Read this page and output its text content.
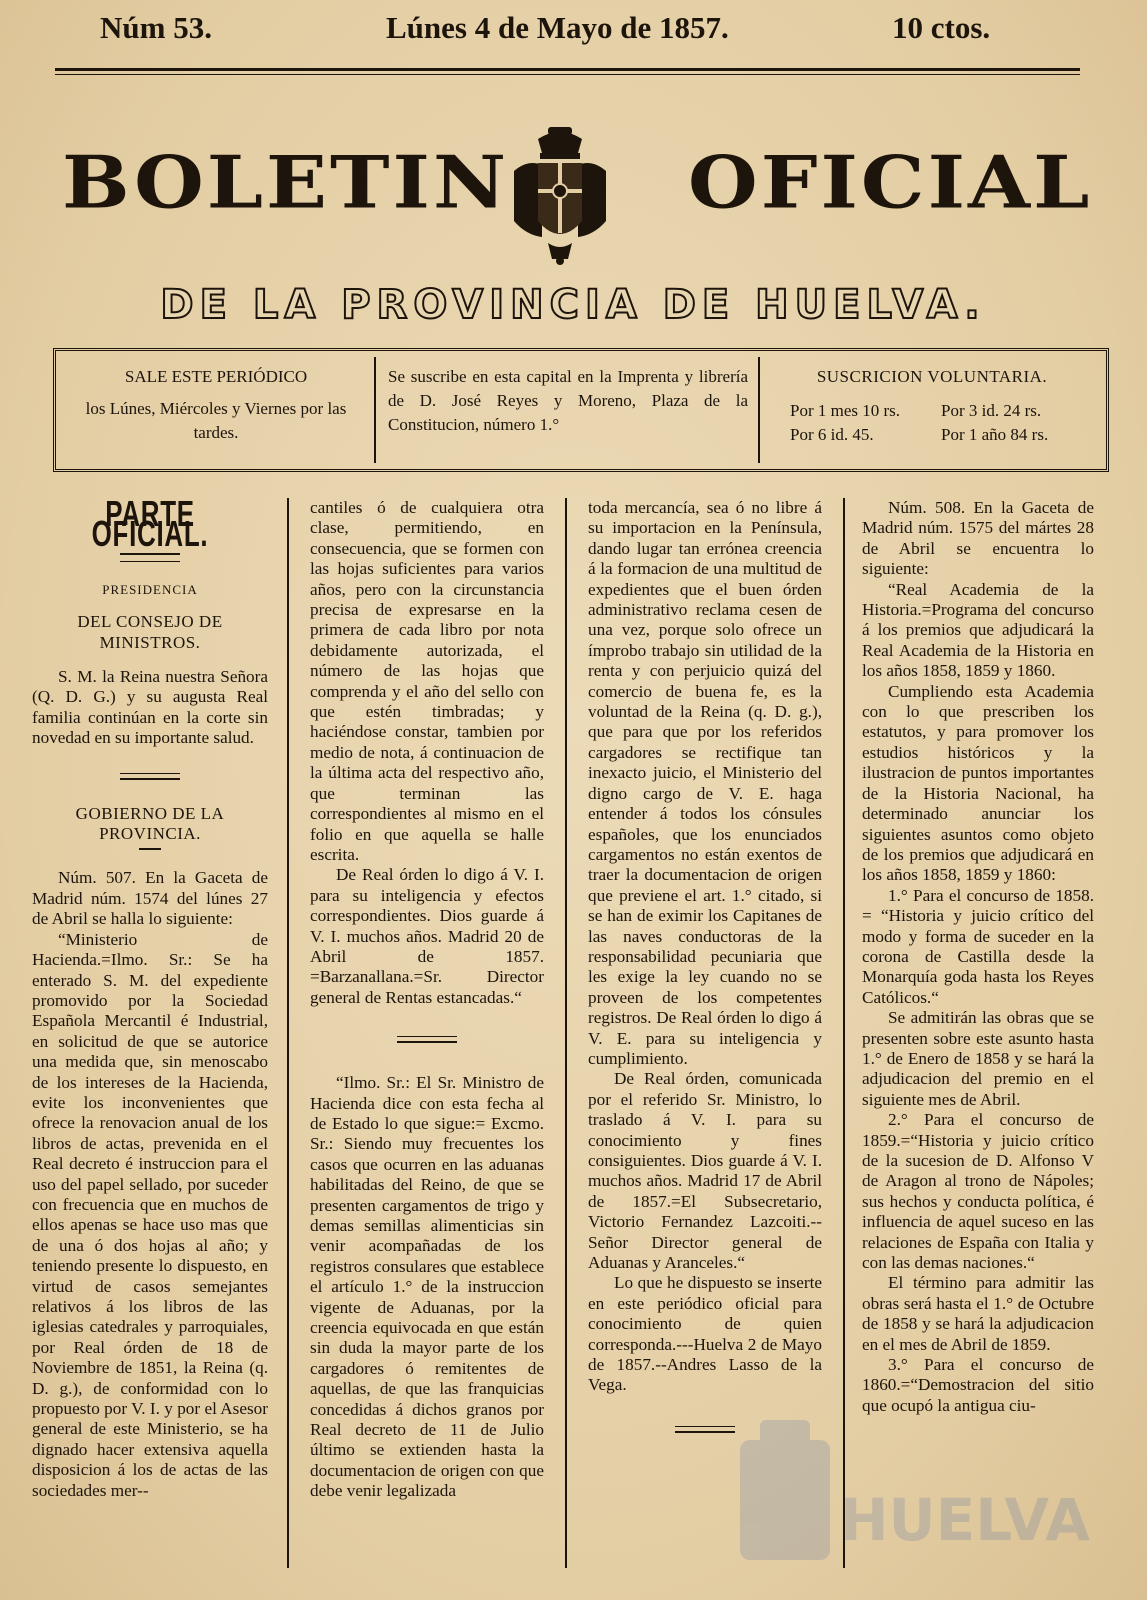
Núm 53.	Lúnes 4 de Mayo de 1857.	10 ctos.
BOLETIN OFICIAL
DE LA PROVINCIA DE HUELVA.
SALE ESTE PERIÓDICO
los Lúnes, Miércoles y Viernes por las tardes.
Se suscribe en esta capital en la Imprenta y librería de D. José Reyes y Moreno, Plaza de la Constitucion, número 1.°
SUSCRICION VOLUNTARIA.
Por 1 mes 10 rs.	Por 3 id. 24 rs.
Por 6 id. 45.	Por 1 año 84 rs.
PARTE OFICIAL.
PRESIDENCIA
DEL CONSEJO DE MINISTROS.

S. M. la Reina nuestra Señora (Q. D. G.) y su augusta Real familia continúan en la corte sin novedad en su importante salud.

GOBIERNO DE LA PROVINCIA.

Núm. 507. En la Gaceta de Madrid núm. 1574 del lúnes 27 de Abril se halla lo siguiente:

“Ministerio de Hacienda.=Ilmo. Sr.: Se ha enterado S. M. del expediente promovido por la Sociedad Española Mercantil é Industrial, en solicitud de que se autorice una medida que, sin menoscabo de los intereses de la Hacienda, evite los inconvenientes que ofrece la renovacion anual de los libros de actas, prevenida en el Real decreto é instruccion para el uso del papel sellado, por suceder con frecuencia que en muchos de ellos apenas se hace uso mas que de una ó dos hojas al año; y teniendo presente lo dispuesto, en virtud de casos semejantes relativos á los libros de las iglesias catedrales y parroquiales, por Real órden de 18 de Noviembre de 1851, la Reina (q. D. g.), de conformidad con lo propuesto por V. I. y por el Asesor general de este Ministerio, se ha dignado hacer extensiva aquella disposicion á los de actas de las sociedades mer--

cantiles ó de cualquiera otra clase, permitiendo, en consecuencia, que se formen con las hojas suficientes para varios años, pero con la circunstancia precisa de expresarse en la primera de cada libro por nota debidamente autorizada, el número de las hojas que comprenda y el año del sello con que estén timbradas; y haciéndose constar, tambien por medio de nota, á continuacion de la última acta del respectivo año, que terminan las correspondientes al mismo en el folio en que aquella se halle escrita.

De Real órden lo digo á V. I. para su inteligencia y efectos correspondientes. Dios guarde á V. I. muchos años. Madrid 20 de Abril de 1857. =Barzanallana.=Sr. Director general de Rentas estancadas.“

“Ilmo. Sr.: El Sr. Ministro de Hacienda dice con esta fecha al de Estado lo que sigue:= Excmo. Sr.: Siendo muy frecuentes los casos que ocurren en las aduanas habilitadas del Reino, de que se presenten cargamentos de trigo y demas semillas alimenticias sin venir acompañadas de los registros consulares que establece el artículo 1.° de la instruccion vigente de Aduanas, por la creencia equivocada en que están sin duda la mayor parte de los cargadores ó remitentes de aquellas, de que las franquicias concedidas á dichos granos por Real decreto de 11 de Julio último se extienden hasta la documentacion de origen con que debe venir legalizada

toda mercancía, sea ó no libre á su importacion en la Península, dando lugar tan errónea creencia á la formacion de una multitud de expedientes que el buen órden administrativo reclama cesen de una vez, porque solo ofrece un ímprobo trabajo sin utilidad de la renta y con perjuicio quizá del comercio de buena fe, es la voluntad de la Reina (q. D. g.), que para que por los referidos cargadores se rectifique tan inexacto juicio, el Ministerio del digno cargo de V. E. haga entender á todos los cónsules españoles, que los enunciados cargamentos no están exentos de traer la documentacion de origen que previene el art. 1.° citado, si se han de eximir los Capitanes de las naves conductoras de la responsabilidad pecuniaria que les exige la ley cuando no se proveen de los competentes registros. De Real órden lo digo á V. E. para su inteligencia y cumplimiento.

De Real órden, comunicada por el referido Sr. Ministro, lo traslado á V. I. para su conocimiento y fines consiguientes. Dios guarde á V. I. muchos años. Madrid 17 de Abril de 1857.=El Subsecretario, Victorio Fernandez Lazcoiti.--Señor Director general de Aduanas y Aranceles.“

Lo que he dispuesto se inserte en este periódico oficial para conocimiento de quien corresponda.---Huelva 2 de Mayo de 1857.--Andres Lasso de la Vega.

Núm. 508. En la Gaceta de Madrid núm. 1575 del mártes 28 de Abril se encuentra lo siguiente:

“Real Academia de la Historia.=Programa del concurso á los premios que adjudicará la Real Academia de la Historia en los años 1858, 1859 y 1860.

Cumpliendo esta Academia con lo que prescriben los estatutos, y para promover los estudios históricos y la ilustracion de puntos importantes de la Historia Nacional, ha determinado anunciar los siguientes asuntos como objeto de los premios que adjudicará en los años 1858, 1859 y 1860:

1.° Para el concurso de 1858. = “Historia y juicio crítico del modo y forma de suceder en la corona de Castilla desde la Monarquía goda hasta los Reyes Católicos.“

Se admitirán las obras que se presenten sobre este asunto hasta 1.° de Enero de 1858 y se hará la adjudicacion del premio en el siguiente mes de Abril.

2.° Para el concurso de 1859.=“Historia y juicio crítico de la sucesion de D. Alfonso V de Aragon al trono de Nápoles; sus hechos y conducta política, é influencia de aquel suceso en las relaciones de España con Italia y con las demas naciones.“

El término para admitir las obras será hasta el 1.° de Octubre de 1858 y se hará la adjudicacion en el mes de Abril de 1859.

3.° Para el concurso de 1860.=“Demostracion del sitio que ocupó la antigua ciu-

HUELVA
